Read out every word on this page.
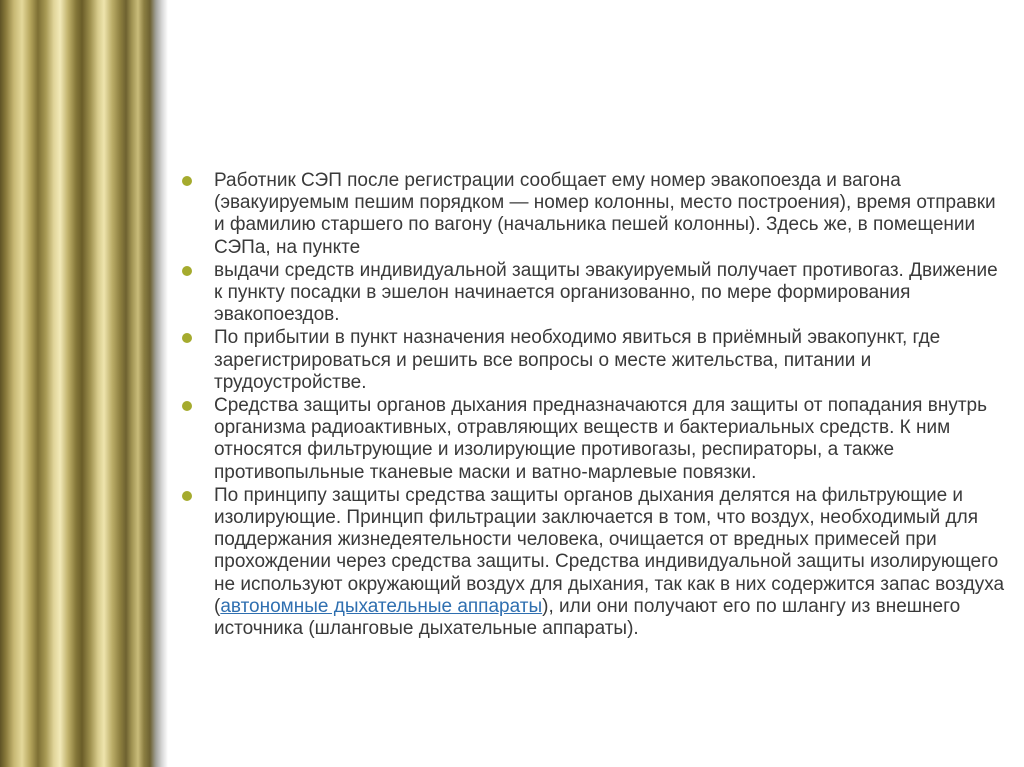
Работник СЭП после регистрации сообщает ему номер эвакопоезда и вагона (эвакуируемым пешим порядком — номер колонны, место построения), время отправки и фамилию старшего по вагону (начальника пешей колонны). Здесь же, в помещении СЭПа, на пункте
выдачи средств индивидуальной защиты эвакуируемый получает противогаз. Движение к пункту посадки в эшелон начинается организованно, по мере формирования эвакопоездов.
По прибытии в пункт назначения необходимо явиться в приёмный эвакопункт, где зарегистрироваться и решить все вопросы о месте жительства, питании и трудоустройстве.
Средства защиты органов дыхания предназначаются для защиты от попадания внутрь организма радиоактивных, отравляющих веществ и бактериальных средств. К ним относятся фильтрующие и изолирующие противогазы, респираторы, а также противопыльные тканевые маски и ватно-марлевые повязки.
По принципу защиты средства защиты органов дыхания делятся на фильтрующие и изолирующие. Принцип фильтрации заключается в том, что воздух, необходимый для поддержания жизнедеятельности человека, очищается от вредных примесей при прохождении через средства защиты. Средства индивидуальной защиты изолирующего не используют окружающий воздух для дыхания, так как в них содержится запас воздуха (автономные дыхательные аппараты), или они получают его по шлангу из внешнего источника (шланговые дыхательные аппараты).
